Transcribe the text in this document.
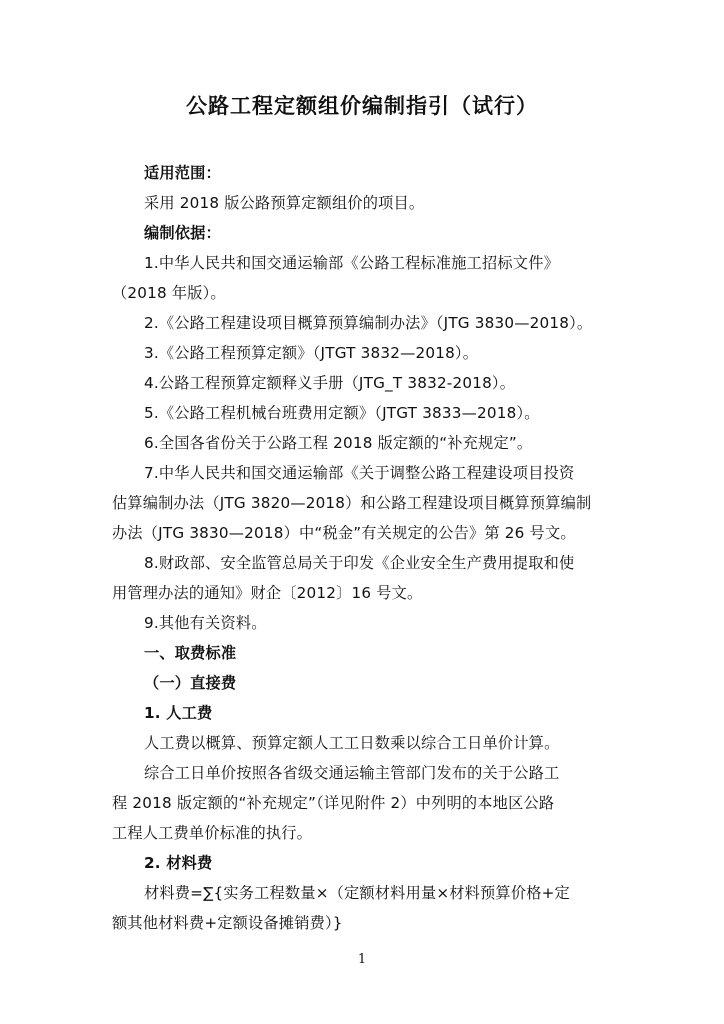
公路工程定额组价编制指引（试行）
适用范围：
采用 2018 版公路预算定额组价的项目。
编制依据：
1.中华人民共和国交通运输部《公路工程标准施工招标文件》
（2018 年版）。
2.《公路工程建设项目概算预算编制办法》（JTG 3830—2018）。
3.《公路工程预算定额》（JTGT 3832—2018）。
4.公路工程预算定额释义手册（JTG_T 3832-2018）。
5.《公路工程机械台班费用定额》（JTGT 3833—2018）。
6.全国各省份关于公路工程 2018 版定额的“补充规定”。
7.中华人民共和国交通运输部《关于调整公路工程建设项目投资
估算编制办法（JTG 3820—2018）和公路工程建设项目概算预算编制
办法（JTG 3830—2018）中“税金”有关规定的公告》第 26 号文。
8.财政部、安全监管总局关于印发《企业安全生产费用提取和使
用管理办法的通知》财企〔2012〕16 号文。
9.其他有关资料。
一、取费标准
（一）直接费
1. 人工费
人工费以概算、预算定额人工工日数乘以综合工日单价计算。
综合工日单价按照各省级交通运输主管部门发布的关于公路工
程 2018 版定额的“补充规定”（详见附件 2）中列明的本地区公路
工程人工费单价标准的执行。
2. 材料费
材料费=∑{实务工程数量×（定额材料用量×材料预算价格+定
额其他材料费+定额设备摊销费）}
1
